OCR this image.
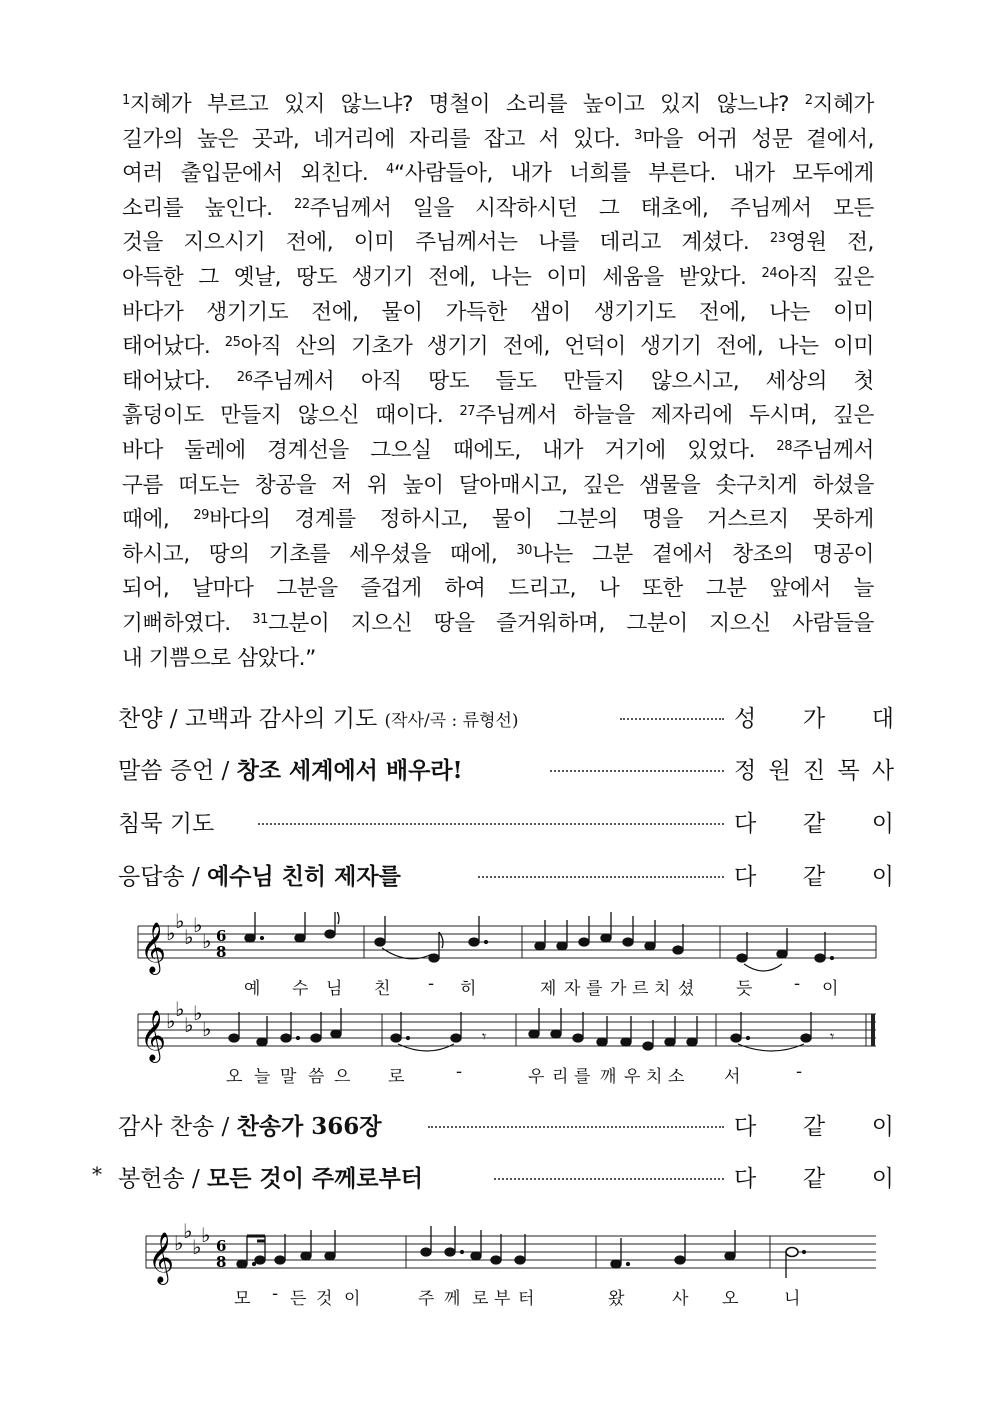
$^1$지혜가 부르고 있지 않느냐? 명철이 소리를 높이고 있지 않느냐? $^2$지혜가
길가의 높은 곳과, 네거리에 자리를 잡고 서 있다. $^3$마을 어귀 성문 곁에서,
여러 출입문에서 외친다. $^4$“사람들아, 내가 너희를 부른다. 내가 모두에게
소리를 높인다. $^{22}$주님께서 일을 시작하시던 그 태초에, 주님께서 모든
것을 지으시기 전에, 이미 주님께서는 나를 데리고 계셨다. $^{23}$영원 전,
아득한 그 옛날, 땅도 생기기 전에, 나는 이미 세움을 받았다. $^{24}$아직 깊은
바다가 생기기도 전에, 물이 가득한 샘이 생기기도 전에, 나는 이미
태어났다. $^{25}$아직 산의 기초가 생기기 전에, 언덕이 생기기 전에, 나는 이미
태어났다. $^{26}$주님께서 아직 땅도 들도 만들지 않으시고, 세상의 첫
흙덩이도 만들지 않으신 때이다. $^{27}$주님께서 하늘을 제자리에 두시며, 깊은
바다 둘레에 경계선을 그으실 때에도, 내가 거기에 있었다. $^{28}$주님께서
구름 떠도는 창공을 저 위 높이 달아매시고, 깊은 샘물을 솟구치게 하셨을
때에, $^{29}$바다의 경계를 정하시고, 물이 그분의 명을 거스르지 못하게
하시고, 땅의 기초를 세우셨을 때에, $^{30}$나는 그분 곁에서 창조의 명공이
되어, 날마다 그분을 즐겁게 하여 드리고, 나 또한 그분 앞에서 늘
기뻐하였다. $^{31}$그분이 지으신 땅을 즐거워하며, 그분이 지으신 사람들을
내 기쁨으로 삼았다.”
찬양 / 고백과 감사의 기도 (작사/곡 : 류형선)	성 가 대
말씀 증언 / 창조 세계에서 배우라!	정 원 진 목 사
침묵 기도	다 같 이
응답송 / 예수님 친히 제자를	다 같 이
감사 찬송 / 찬송가 366장	다 같 이
* 봉헌송 / 모든 것이 주께로부터	다 같 이
𝄞 ♭ ♭
♭ ♭
♭ 6
8
𝄞 ♭ ♭
♭ ♭
♭	𝄾	𝄾
예 수 님 친 - 히	제 자 를 가 르 치 셨 듯 - 이
오 늘 말 씀 으 로	-	우 리 를 깨 우 치 소 서	-
𝄞 ♭ ♭
♭ ♭ 6
8
모 - 든 것 이	주 께 로 부 터	왔	사 오	니
